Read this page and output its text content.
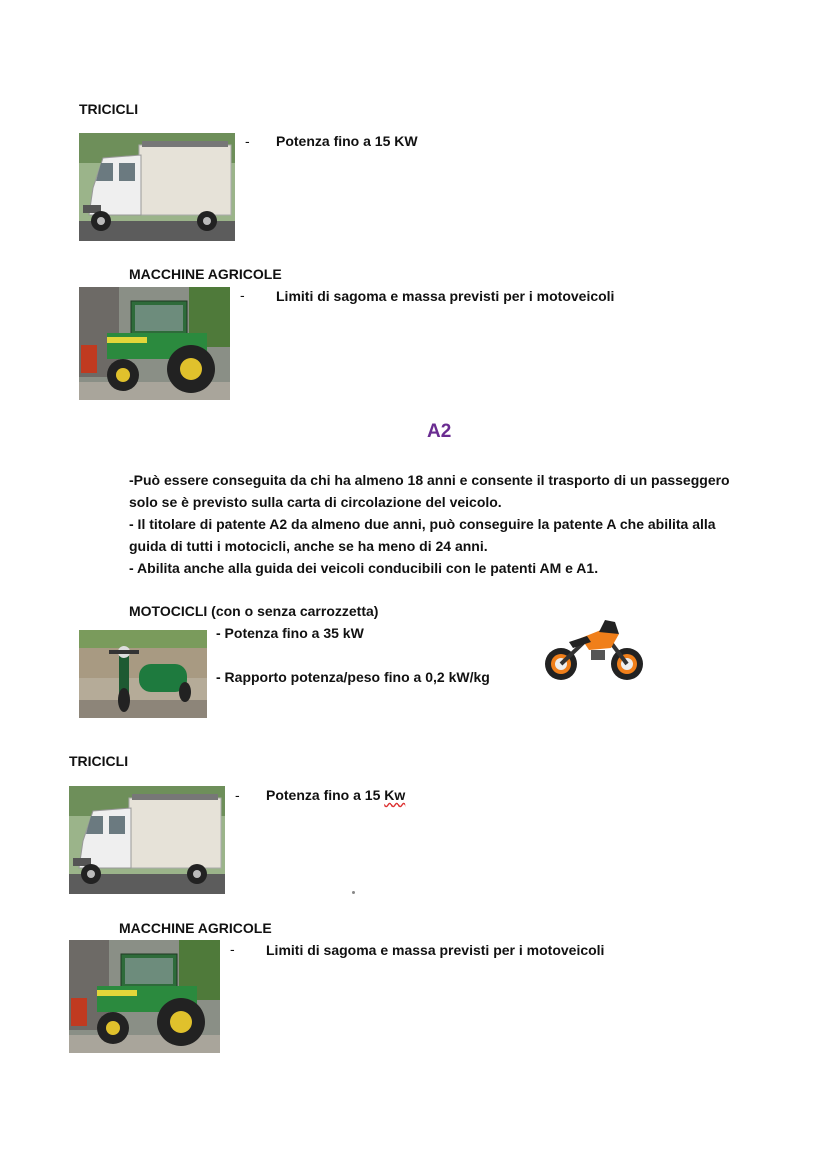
TRICICLI
- Potenza fino a 15 KW
MACCHINE AGRICOLE
- Limiti di sagoma e massa previsti per i motoveicoli
A2
-Può essere conseguita da chi ha almeno 18 anni e consente il trasporto di un passeggero
solo se è previsto sulla carta di circolazione del veicolo.
- Il titolare di patente A2 da almeno due anni, può conseguire la patente A che abilita alla
guida di tutti i motocicli, anche se ha meno di 24 anni.
- Abilita anche alla guida dei veicoli conducibili con le patenti AM e A1.
MOTOCICLI (con o senza carrozzetta)
- Potenza fino a 35 kW
- Rapporto potenza/peso fino a 0,2 kW/kg
TRICICLI
- Potenza fino a 15 Kw
MACCHINE AGRICOLE
- Limiti di sagoma e massa previsti per i motoveicoli
